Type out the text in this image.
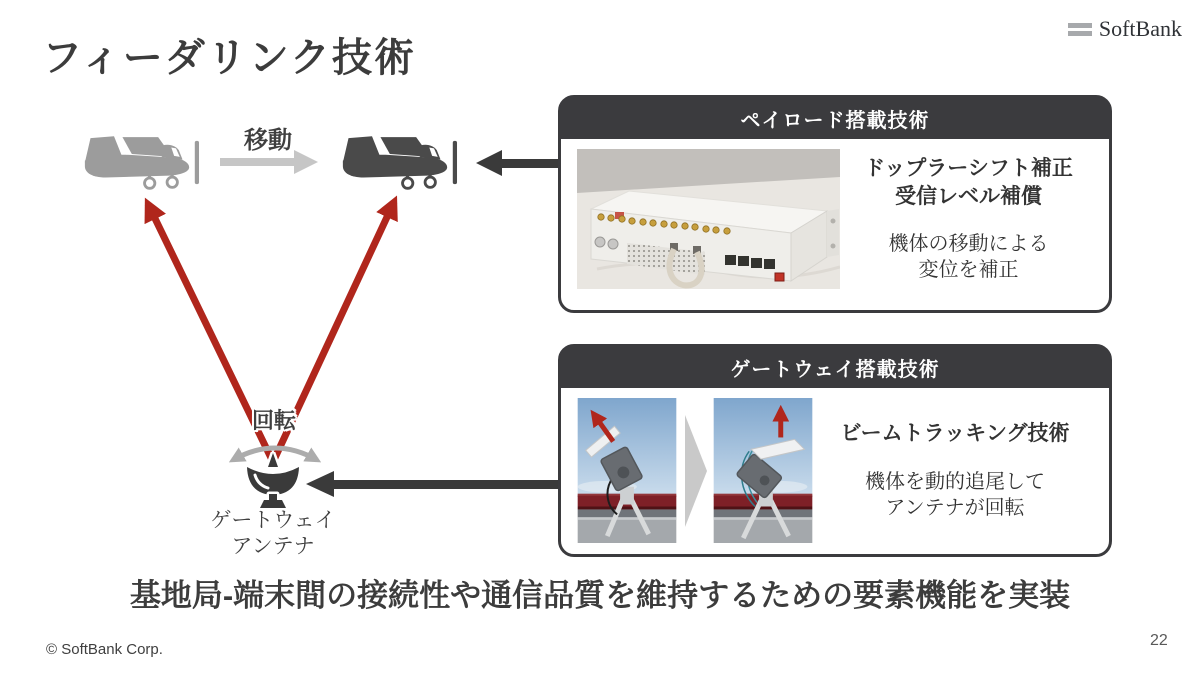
フィーダリンク技術
SoftBank
移動
回転
ゲートウェイ
アンテナ
ペイロード搭載技術
ドップラーシフト補正
受信レベル補償
機体の移動による
変位を補正
ゲートウェイ搭載技術
ビームトラッキング技術
機体を動的追尾して
アンテナが回転
基地局-端末間の接続性や通信品質を維持するための要素機能を実装
© SoftBank Corp.
22
